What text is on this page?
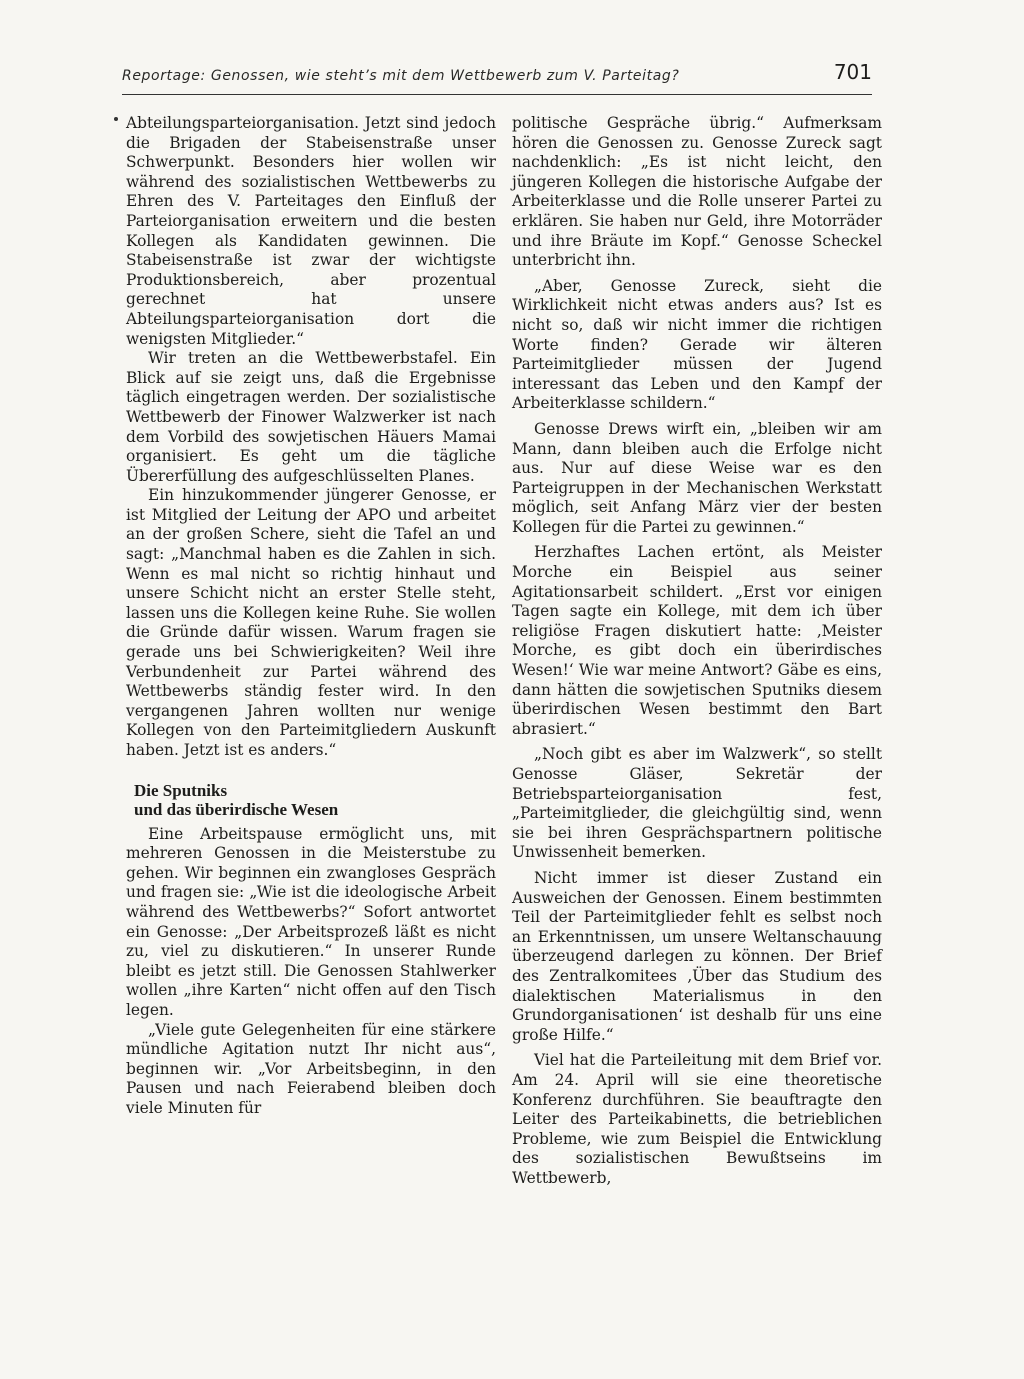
Reportage: Genossen, wie steht’s mit dem Wettbewerb zum V. Parteitag?	701

Abteilungsparteiorganisation. Jetzt sind jedoch die Brigaden der Stabeisenstraße unser Schwerpunkt. Besonders hier wollen wir während des sozialistischen Wettbewerbs zu Ehren des V. Parteitages den Einfluß der Parteiorganisation erweitern und die besten Kollegen als Kandidaten gewinnen. Die Stabeisenstraße ist zwar der wichtigste Produktionsbereich, aber prozentual gerechnet hat unsere Abteilungsparteiorganisation dort die wenigsten Mitglieder.“

Wir treten an die Wettbewerbstafel. Ein Blick auf sie zeigt uns, daß die Ergebnisse täglich eingetragen werden. Der sozialistische Wettbewerb der Finower Walzwerker ist nach dem Vorbild des sowjetischen Häuers Mamai organisiert. Es geht um die tägliche Übererfüllung des aufgeschlüsselten Planes.

Ein hinzukommender jüngerer Genosse, er ist Mitglied der Leitung der APO und arbeitet an der großen Schere, sieht die Tafel an und sagt: „Manchmal haben es die Zahlen in sich. Wenn es mal nicht so richtig hinhaut und unsere Schicht nicht an erster Stelle steht, lassen uns die Kollegen keine Ruhe. Sie wollen die Gründe dafür wissen. Warum fragen sie gerade uns bei Schwierigkeiten? Weil ihre Verbundenheit zur Partei während des Wettbewerbs ständig fester wird. In den vergangenen Jahren wollten nur wenige Kollegen von den Parteimitgliedern Auskunft haben. Jetzt ist es anders.“

Die Sputniks
und das überirdische Wesen

Eine Arbeitspause ermöglicht uns, mit mehreren Genossen in die Meisterstube zu gehen. Wir beginnen ein zwangloses Gespräch und fragen sie: „Wie ist die ideologische Arbeit während des Wettbewerbs?“ Sofort antwortet ein Genosse: „Der Arbeitsprozeß läßt es nicht zu, viel zu diskutieren.“ In unserer Runde bleibt es jetzt still. Die Genossen Stahlwerker wollen „ihre Karten“ nicht offen auf den Tisch legen.

„Viele gute Gelegenheiten für eine stärkere mündliche Agitation nutzt Ihr nicht aus“, beginnen wir. „Vor Arbeitsbeginn, in den Pausen und nach Feierabend bleiben doch viele Minuten für

politische Gespräche übrig.“ Aufmerksam hören die Genossen zu. Genosse Zureck sagt nachdenklich: „Es ist nicht leicht, den jüngeren Kollegen die historische Aufgabe der Arbeiterklasse und die Rolle unserer Partei zu erklären. Sie haben nur Geld, ihre Motorräder und ihre Bräute im Kopf.“ Genosse Scheckel unterbricht ihn.

„Aber, Genosse Zureck, sieht die Wirklichkeit nicht etwas anders aus? Ist es nicht so, daß wir nicht immer die richtigen Worte finden? Gerade wir älteren Parteimitglieder müssen der Jugend interessant das Leben und den Kampf der Arbeiterklasse schildern.“

Genosse Drews wirft ein, „bleiben wir am Mann, dann bleiben auch die Erfolge nicht aus. Nur auf diese Weise war es den Parteigruppen in der Mechanischen Werkstatt möglich, seit Anfang März vier der besten Kollegen für die Partei zu gewinnen.“

Herzhaftes Lachen ertönt, als Meister Morche ein Beispiel aus seiner Agitationsarbeit schildert. „Erst vor einigen Tagen sagte ein Kollege, mit dem ich über religiöse Fragen diskutiert hatte: ‚Meister Morche, es gibt doch ein überirdisches Wesen!‘ Wie war meine Antwort? Gäbe es eins, dann hätten die sowjetischen Sputniks diesem überirdischen Wesen bestimmt den Bart abrasiert.“

„Noch gibt es aber im Walzwerk“, so stellt Genosse Gläser, Sekretär der Betriebsparteiorganisation fest, „Parteimitglieder, die gleichgültig sind, wenn sie bei ihren Gesprächspartnern politische Unwissenheit bemerken.

Nicht immer ist dieser Zustand ein Ausweichen der Genossen. Einem bestimmten Teil der Parteimitglieder fehlt es selbst noch an Erkenntnissen, um unsere Weltanschauung überzeugend darlegen zu können. Der Brief des Zentralkomitees ‚Über das Studium des dialektischen Materialismus in den Grundorganisationen‘ ist deshalb für uns eine große Hilfe.“

Viel hat die Parteileitung mit dem Brief vor. Am 24. April will sie eine theoretische Konferenz durchführen. Sie beauftragte den Leiter des Parteikabinetts, die betrieblichen Probleme, wie zum Beispiel die Entwicklung des sozialistischen Bewußtseins im Wettbewerb,
